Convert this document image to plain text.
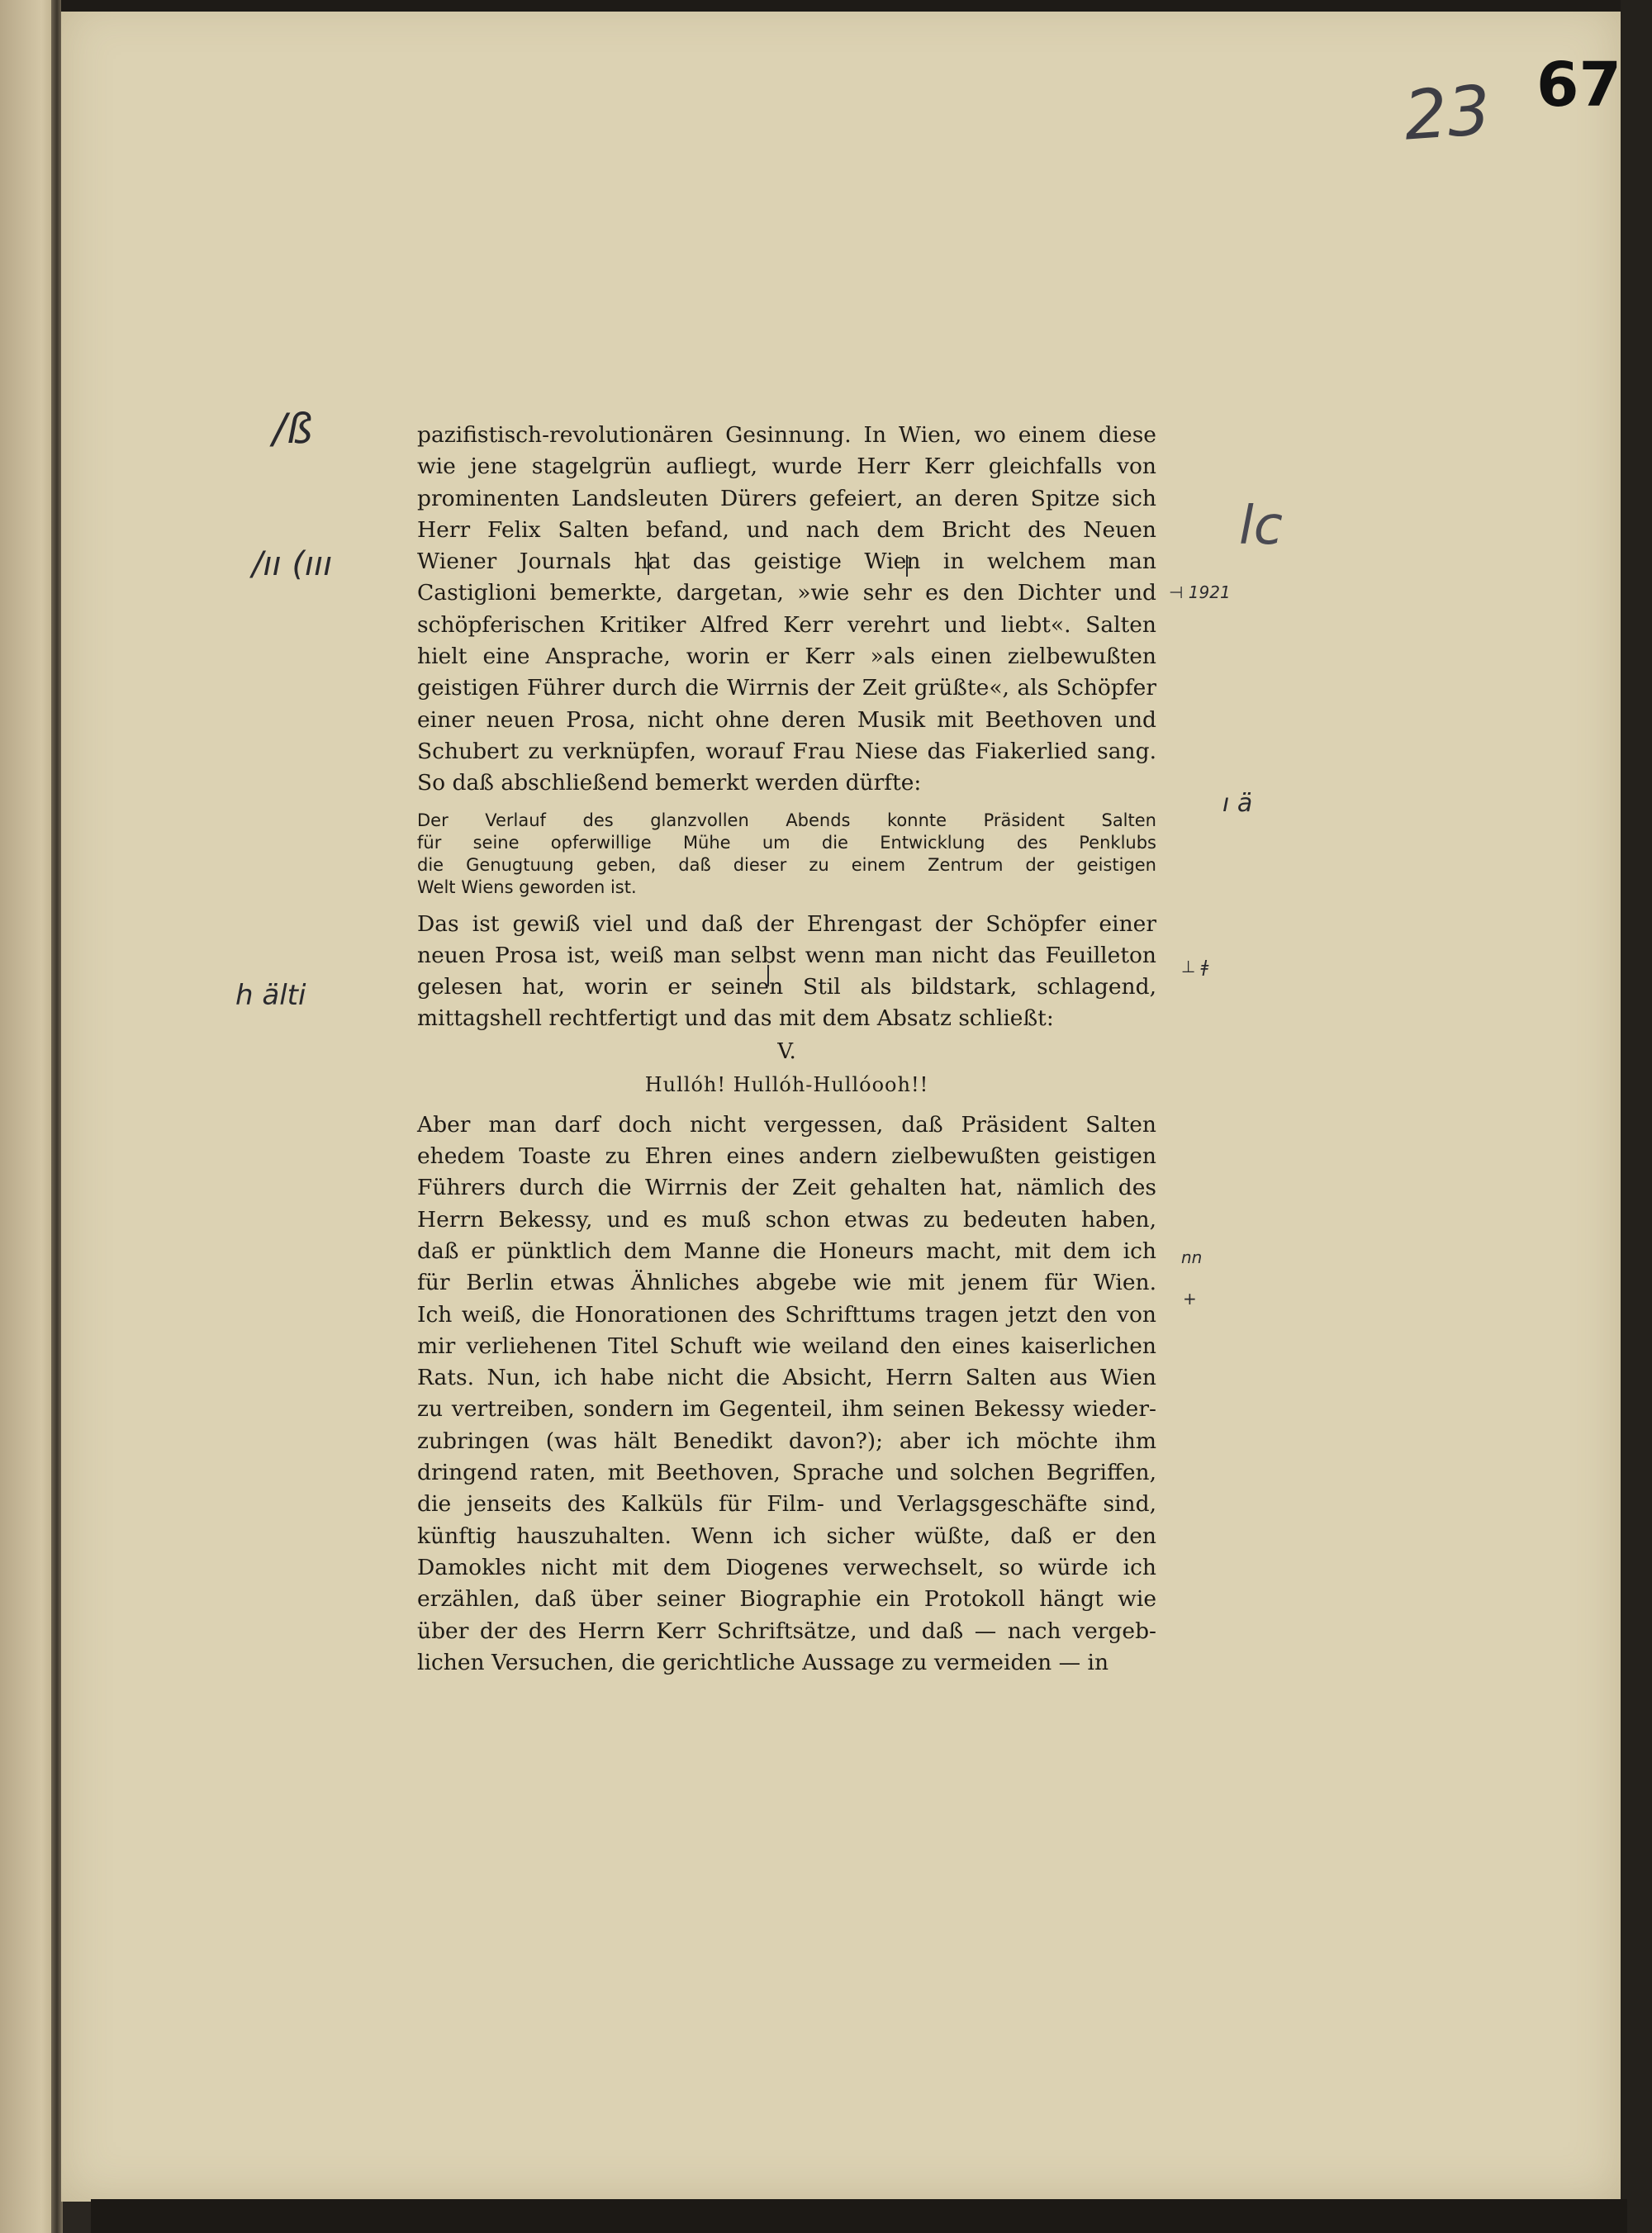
23 67
pazifistisch-revolutionären Gesinnung. In Wien, wo einem diese
wie jene stagelgrün aufliegt, wurde Herr Kerr gleichfalls von
prominenten Landsleuten Dürers gefeiert, an deren Spitze sich
Herr Felix Salten befand, und nach dem Bricht des Neuen
Wiener Journals hat das geistige Wien in welchem man
Castiglioni bemerkte, dargetan, »wie sehr es den Dichter und
schöpferischen Kritiker Alfred Kerr verehrt und liebt«. Salten
hielt eine Ansprache, worin er Kerr »als einen zielbewußten
geistigen Führer durch die Wirrnis der Zeit grüßte«, als Schöpfer
einer neuen Prosa, nicht ohne deren Musik mit Beethoven und
Schubert zu verknüpfen, worauf Frau Niese das Fiakerlied sang.
So daß abschließend bemerkt werden dürfte:
Der Verlauf des glanzvollen Abends konnte Präsident Salten
für seine opferwillige Mühe um die Entwicklung des Penklubs
die Genugtuung geben, daß dieser zu einem Zentrum der geistigen
Welt Wiens geworden ist.
Das ist gewiß viel und daß der Ehrengast der Schöpfer einer
neuen Prosa ist, weiß man selbst wenn man nicht das Feuilleton
gelesen hat, worin er seinen Stil als bildstark, schlagend,
mittagshell rechtfertigt und das mit dem Absatz schließt:
V.
Hullóh! Hullóh-Hullóooh!!
Aber man darf doch nicht vergessen, daß Präsident Salten
ehedem Toaste zu Ehren eines andern zielbewußten geistigen
Führers durch die Wirrnis der Zeit gehalten hat, nämlich des
Herrn Bekessy, und es muß schon etwas zu bedeuten haben,
daß er pünktlich dem Manne die Honeurs macht, mit dem ich
für Berlin etwas Ähnliches abgebe wie mit jenem für Wien.
Ich weiß, die Honorationen des Schrifttums tragen jetzt den von
mir verliehenen Titel Schuft wie weiland den eines kaiserlichen
Rats. Nun, ich habe nicht die Absicht, Herrn Salten aus Wien
zu vertreiben, sondern im Gegenteil, ihm seinen Bekessy wieder-
zubringen (was hält Benedikt davon?); aber ich möchte ihm
dringend raten, mit Beethoven, Sprache und solchen Begriffen,
die jenseits des Kalküls für Film- und Verlagsgeschäfte sind,
künftig hauszuhalten. Wenn ich sicher wüßte, daß er den
Damokles nicht mit dem Diogenes verwechselt, so würde ich
erzählen, daß über seiner Biographie ein Protokoll hängt wie
über der des Herrn Kerr Schriftsätze, und daß — nach vergeb-
lichen Versuchen, die gerichtliche Aussage zu vermeiden — in
/ß
/ıı (ııı
h älti
lc
⊣ 1921
ı ä
⊥ ǂ
nn
+
